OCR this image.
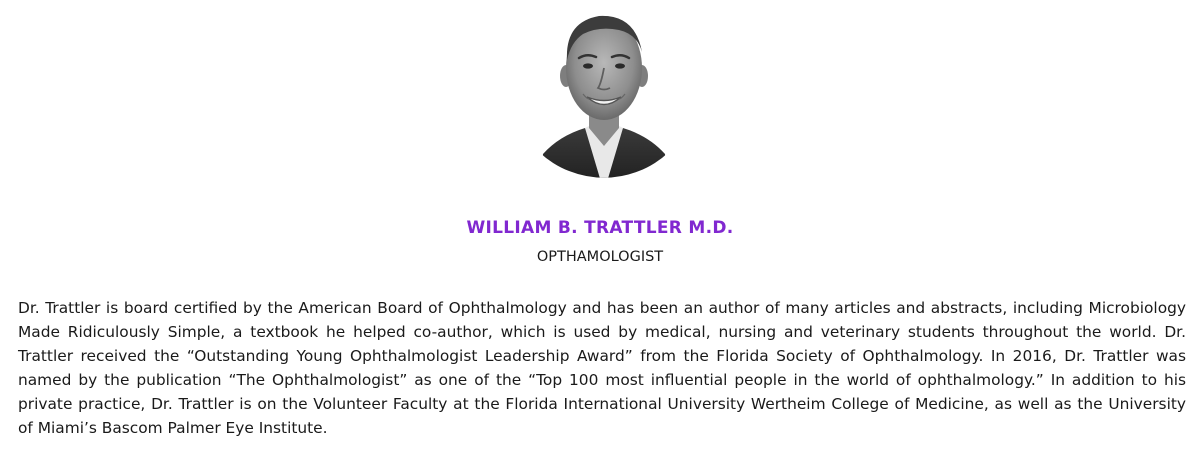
WILLIAM B. TRATTLER M.D.
OPTHAMOLOGIST

Dr. Trattler is board certified by the American Board of Ophthalmology and has been an author of many articles and abstracts, including Microbiology Made Ridiculously Simple, a textbook he helped co-author, which is used by medical, nursing and veterinary students throughout the world. Dr. Trattler received the “Outstanding Young Ophthalmologist Leadership Award” from the Florida Society of Ophthalmology. In 2016, Dr. Trattler was named by the publication “The Ophthalmologist” as one of the “Top 100 most influential people in the world of ophthalmology.” In addition to his private practice, Dr. Trattler is on the Volunteer Faculty at the Florida International University Wertheim College of Medicine, as well as the University of Miami’s Bascom Palmer Eye Institute.
